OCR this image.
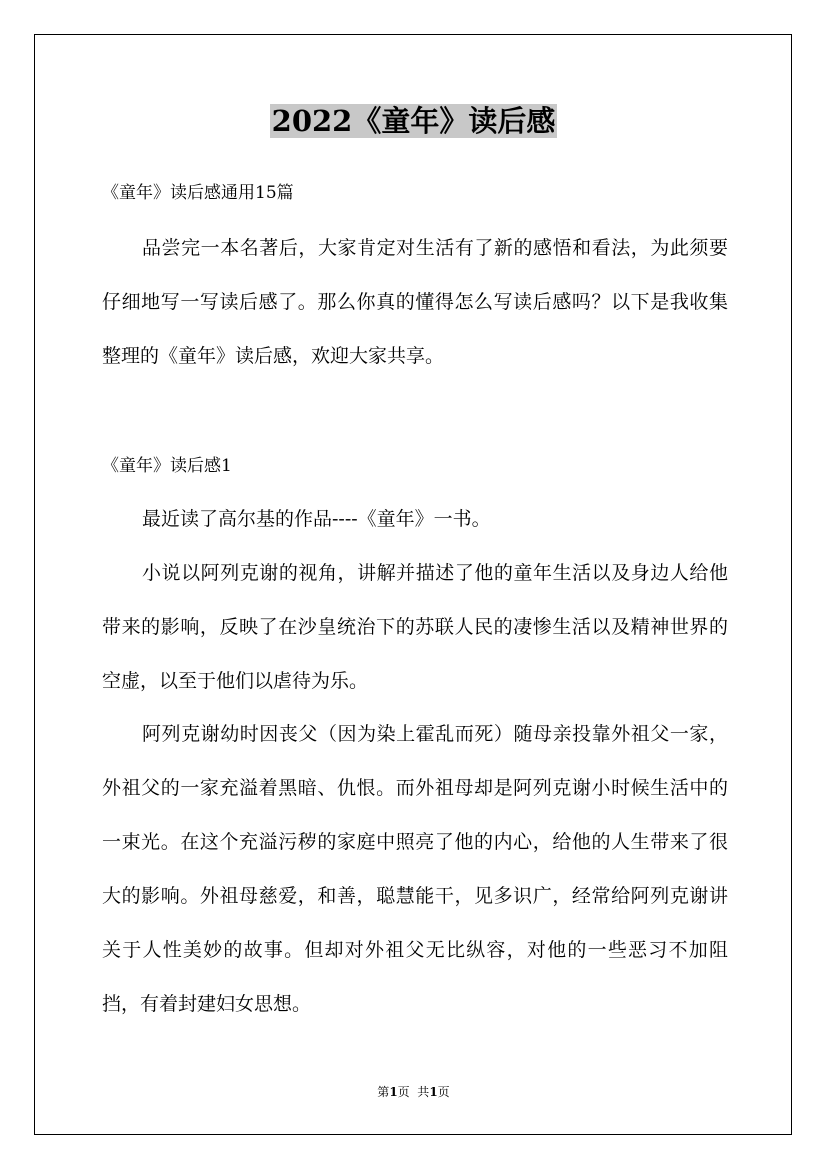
2022《童年》读后感
《童年》读后感通用15篇

品尝完一本名著后，大家肯定对生活有了新的感悟和看法，为此须要仔细地写一写读后感了。那么你真的懂得怎么写读后感吗？以下是我收集整理的《童年》读后感，欢迎大家共享。

《童年》读后感1

最近读了高尔基的作品----《童年》一书。

小说以阿列克谢的视角，讲解并描述了他的童年生活以及身边人给他带来的影响，反映了在沙皇统治下的苏联人民的凄惨生活以及精神世界的空虚，以至于他们以虐待为乐。

阿列克谢幼时因丧父（因为染上霍乱而死）随母亲投靠外祖父一家，外祖父的一家充溢着黑暗、仇恨。而外祖母却是阿列克谢小时候生活中的一束光。在这个充溢污秽的家庭中照亮了他的内心，给他的人生带来了很大的影响。外祖母慈爱，和善，聪慧能干，见多识广，经常给阿列克谢讲关于人性美妙的故事。但却对外祖父无比纵容，对他的一些恶习不加阻挡，有着封建妇女思想。

第1页  共1页
